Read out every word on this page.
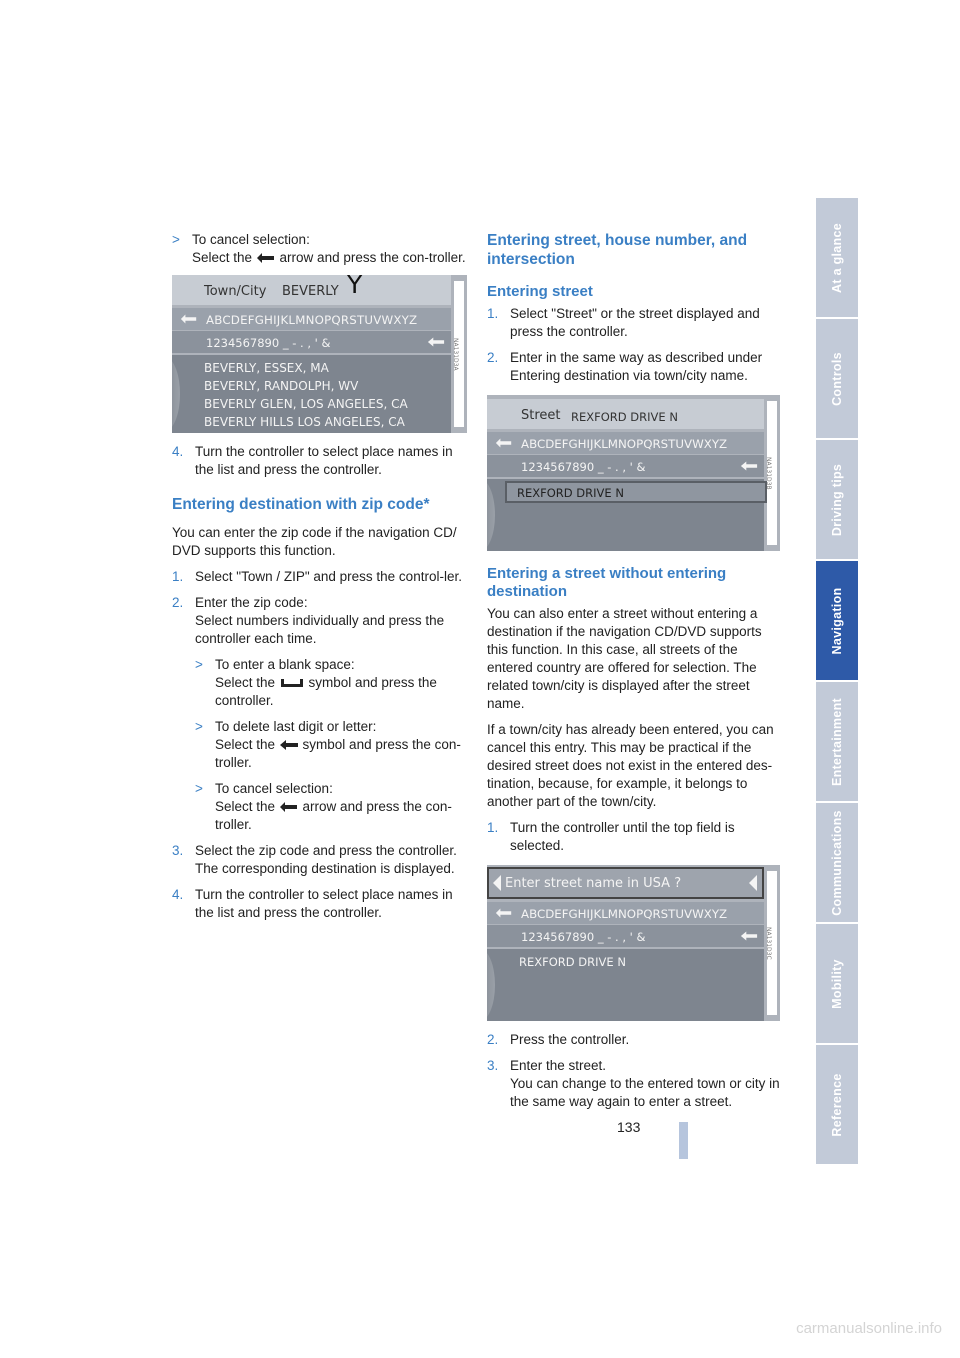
> To cancel selection:
Select the  arrow and press the con-troller.
Town/City BEVERLY Y
ABCDEFGHIJKLMNOPQRSTUVWXYZ
1234567890 _ - . , ' &
BEVERLY, ESSEX, MA
BEVERLY, RANDOLPH, WV
BEVERLY GLEN, LOS ANGELES, CA
BEVERLY HILLS LOS ANGELES, CA
NA131D3A
4. Turn the controller to select place names in the list and press the controller.
Entering destination with zip code*

You can enter the zip code if the navigation CD/ DVD supports this function.

1. Select "Town / ZIP" and press the control-ler.
2. Enter the zip code:
Select numbers individually and press the controller each time.
> To enter a blank space:
Select the  symbol and press the controller.
> To delete last digit or letter:
Select the  symbol and press the con-troller.
> To cancel selection:
Select the  arrow and press the con-troller.
3. Select the zip code and press the controller. The corresponding destination is displayed.
4. Turn the controller to select place names in the list and press the controller.
Entering street, house number, and intersection
Entering street
1. Select "Street" or the street displayed and press the controller.
2. Enter in the same way as described under Entering destination via town/city name.
Street REXFORD DRIVE N
ABCDEFGHIJKLMNOPQRSTUVWXYZ
1234567890 _ - . , ' &
REXFORD DRIVE N
NA131D3B
Entering a street without entering destination

You can also enter a street without entering a destination if the navigation CD/DVD supports this function. In this case, all streets of the entered country are offered for selection. The related town/city is displayed after the street name.

If a town/city has already been entered, you can cancel this entry. This may be practical if the desired street does not exist in the entered des-tination, because, for example, it belongs to another part of the town/city.

1. Turn the controller until the top field is selected.
Enter street name in USA ?
ABCDEFGHIJKLMNOPQRSTUVWXYZ
1234567890 _ - . , ' &
REXFORD DRIVE N
NA131D3C
2. Press the controller.
3. Enter the street.
You can change to the entered town or city in the same way again to enter a street.
At a glance
Controls
Driving tips
Navigation
Entertainment
Communications
Mobility
Reference
133
carmanualsonline.info
